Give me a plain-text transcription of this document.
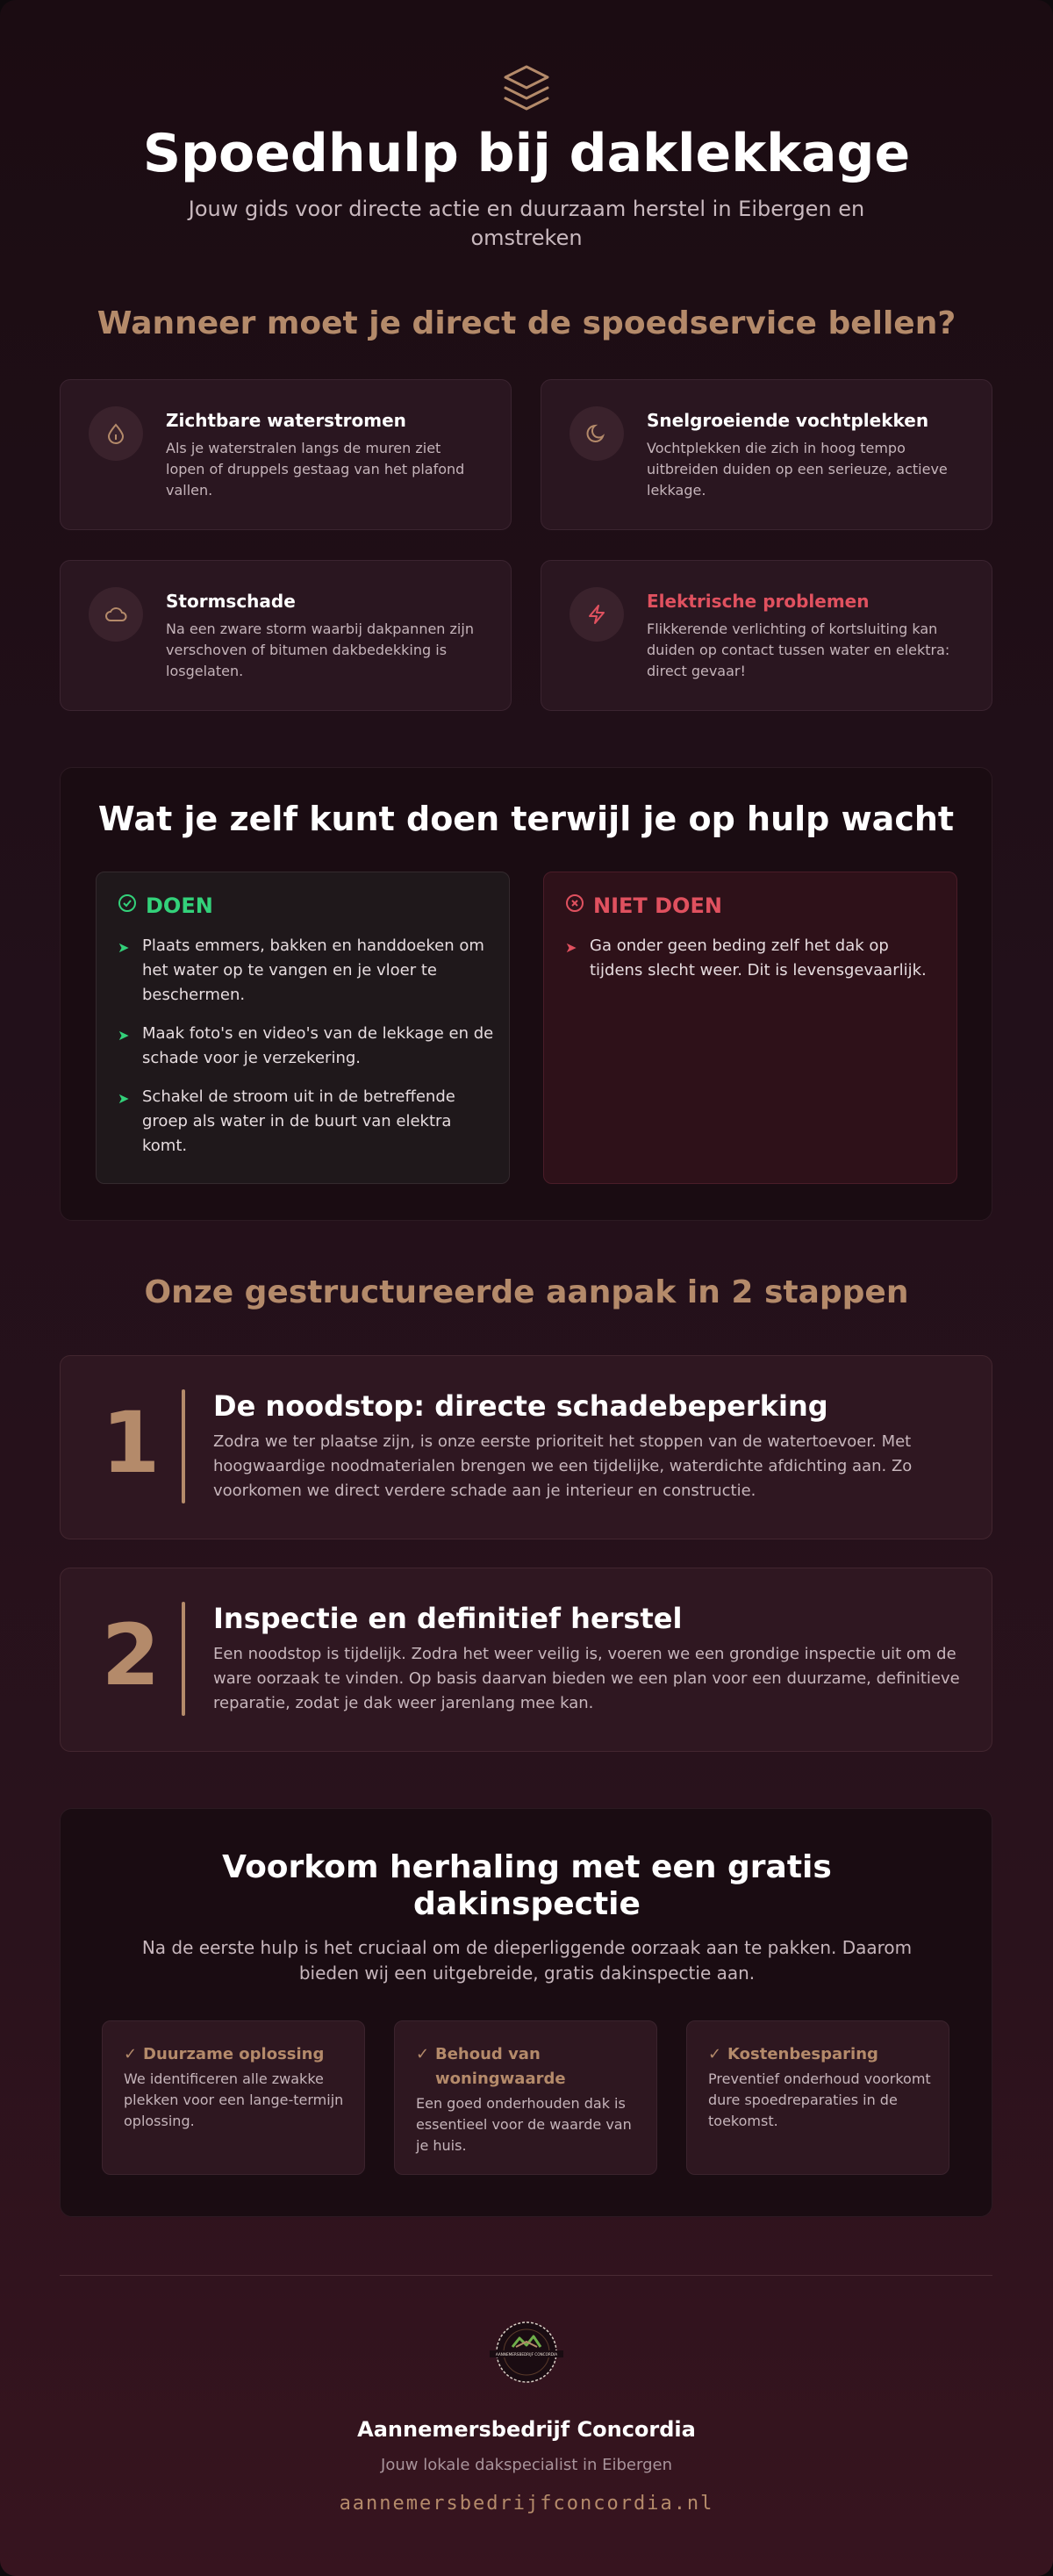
Spoedhulp bij daklekkage

Jouw gids voor directe actie en duurzaam herstel in Eibergen en omstreken

Wanneer moet je direct de spoedservice bellen?
Zichtbare waterstromen
Als je waterstralen langs de muren ziet lopen of druppels gestaag van het plafond vallen.
Snelgroeiende vochtplekken
Vochtplekken die zich in hoog tempo uitbreiden duiden op een serieuze, actieve lekkage.
Stormschade
Na een zware storm waarbij dakpannen zijn verschoven of bitumen dakbedekking is losgelaten.
Elektrische problemen
Flikkerende verlichting of kortsluiting kan duiden op contact tussen water en elektra: direct gevaar!
Wat je zelf kunt doen terwijl je op hulp wacht
DOEN
➤ Plaats emmers, bakken en handdoeken om het water op te vangen en je vloer te beschermen.
➤ Maak foto's en video's van de lekkage en de schade voor je verzekering.
➤ Schakel de stroom uit in de betreffende groep als water in de buurt van elektra komt.
NIET DOEN
➤ Ga onder geen beding zelf het dak op tijdens slecht weer. Dit is levensgevaarlijk.
Onze gestructureerde aanpak in 2 stappen
1 De noodstop: directe schadebeperking
Zodra we ter plaatse zijn, is onze eerste prioriteit het stoppen van de watertoevoer. Met hoogwaardige noodmaterialen brengen we een tijdelijke, waterdichte afdichting aan. Zo voorkomen we direct verdere schade aan je interieur en constructie.
2 Inspectie en definitief herstel
Een noodstop is tijdelijk. Zodra het weer veilig is, voeren we een grondige inspectie uit om de ware oorzaak te vinden. Op basis daarvan bieden we een plan voor een duurzame, definitieve reparatie, zodat je dak weer jarenlang mee kan.
Voorkom herhaling met een gratis dakinspectie

Na de eerste hulp is het cruciaal om de dieperliggende oorzaak aan te pakken. Daarom bieden wij een uitgebreide, gratis dakinspectie aan.

✓ Duurzame oplossing
We identificeren alle zwakke plekken voor een lange-termijn oplossing.
✓ Behoud van woningwaarde
Een goed onderhouden dak is essentieel voor de waarde van je huis.
✓ Kostenbesparing
Preventief onderhoud voorkomt dure spoedreparaties in de toekomst.
AANNEMERSBEDRIJF CONCORDIA
Aannemersbedrijf Concordia
Jouw lokale dakspecialist in Eibergen
aannemersbedrijfconcordia.nl
